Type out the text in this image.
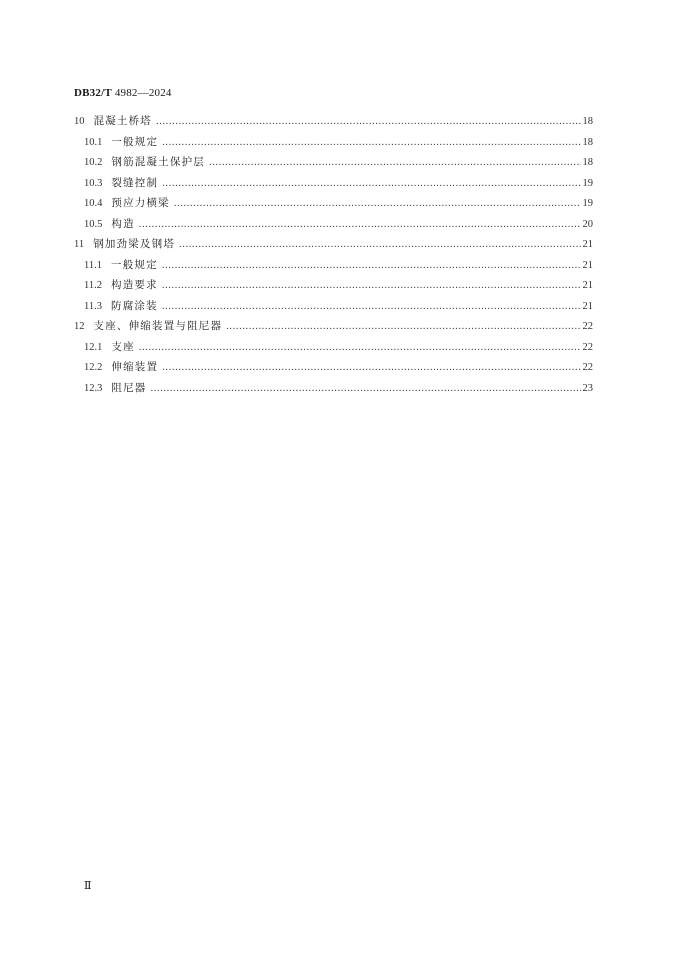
DB32/T 4982—2024
10 混凝土桥塔 .....	18
10.1 一般规定 .....	18
10.2 钢筋混凝土保护层 .....	18
10.3 裂缝控制 .....	19
10.4 预应力横梁 .....	19
10.5 构造 .....	20
11 钢加劲梁及钢塔 .....	21
11.1 一般规定 .....	21
11.2 构造要求 .....	21
11.3 防腐涂装 .....	21
12 支座、伸缩装置与阻尼器 .....	22
12.1 支座 .....	22
12.2 伸缩装置 .....	22
12.3 阻尼器 .....	23
Ⅱ
